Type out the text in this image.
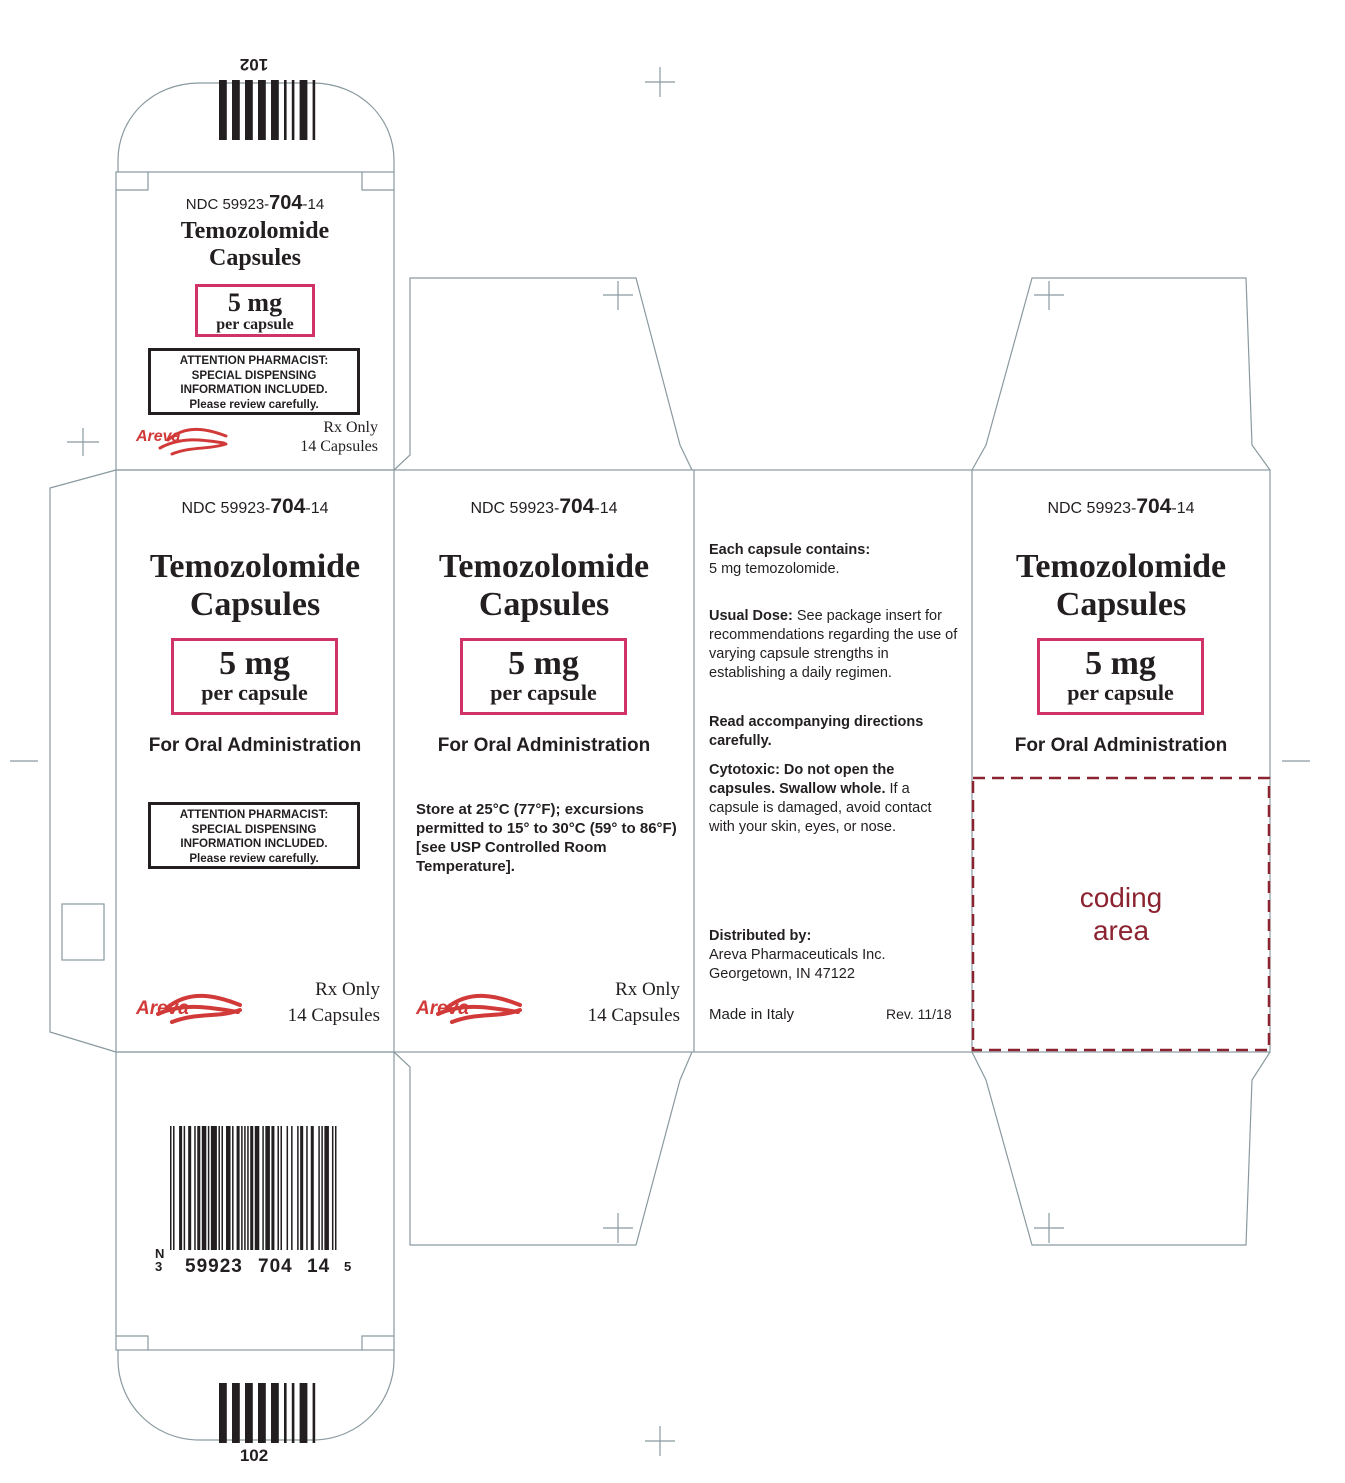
NDC 59923-704-14
Temozolomide
Capsules
5 mg
per capsule
ATTENTION PHARMACIST:
SPECIAL DISPENSING
INFORMATION INCLUDED.
Please review carefully.
Areva
Rx Only
14 Capsules
NDC 59923-704-14
Temozolomide
Capsules
5 mg
per capsule
For Oral Administration
ATTENTION PHARMACIST:
SPECIAL DISPENSING
INFORMATION INCLUDED.
Please review carefully.
Areva
Rx Only
14 Capsules
NDC 59923-704-14
Temozolomide
Capsules
5 mg
per capsule
For Oral Administration
Store at 25°C (77°F); excursions permitted to 15° to 30°C (59° to 86°F) [see USP Controlled Room Temperature].
Areva
Rx Only
14 Capsules
Each capsule contains:
5 mg temozolomide.
Usual Dose: See package insert for recommendations regarding the use of varying capsule strengths in establishing a daily regimen.
Read accompanying directions carefully.
Cytotoxic: Do not open the capsules. Swallow whole. If a capsule is damaged, avoid contact with your skin, eyes, or nose.
Distributed by:
Areva Pharmaceuticals Inc.
Georgetown, IN 47122
Made in Italy	Rev. 11/18
NDC 59923-704-14
Temozolomide
Capsules
5 mg
per capsule
For Oral Administration
coding
area
102
102
N
3 59923 704 14 5
